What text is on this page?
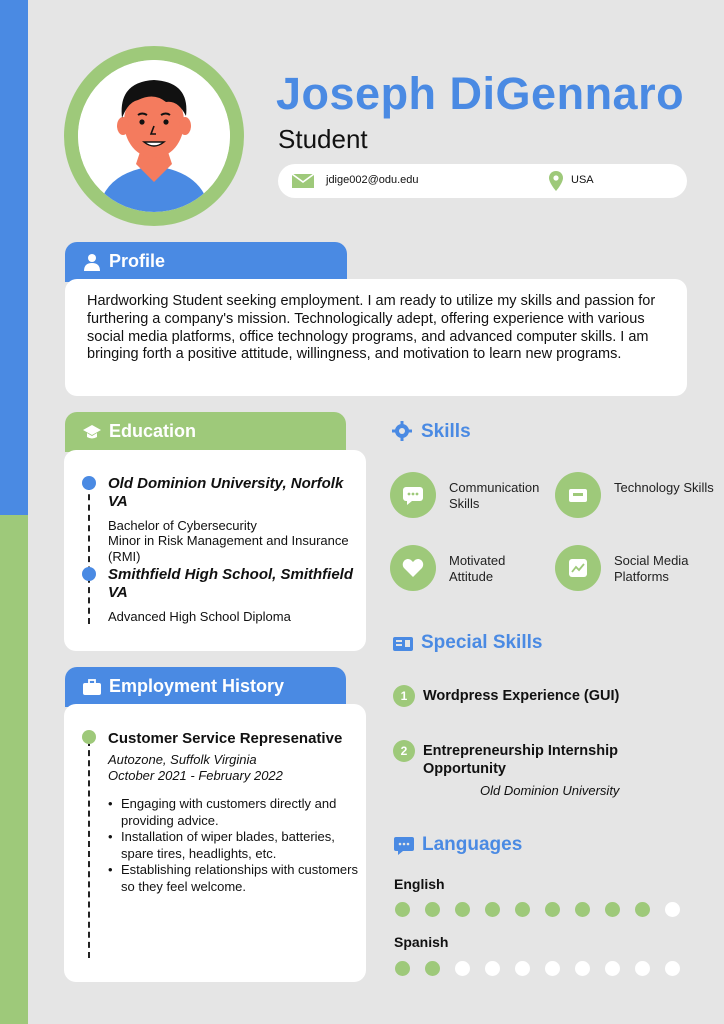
Joseph DiGennaro
Student
jdige002@odu.edu	USA
Profile
Hardworking Student seeking employment. I am ready to utilize my skills and passion for furthering a company's mission. Technologically adept, offering experience with various social media platforms, office technology programs, and advanced computer skills. I am bringing forth a positive attitude, willingness, and motivation to learn new programs.
Education
Old Dominion University, Norfolk VA
Bachelor of Cybersecurity
Minor in Risk Management and Insurance (RMI)
Smithfield High School, Smithfield VA
Advanced High School Diploma
Employment History
Customer Service Represenative
Autozone, Suffolk Virginia
October 2021 - February 2022
• Engaging with customers directly and providing advice.
• Installation of wiper blades, batteries, spare tires, headlights, etc.
• Establishing relationships with customers so they feel welcome.
Skills
Communication Skills
Technology Skills
Motivated Attitude
Social Media Platforms
Special Skills
1	Wordpress Experience (GUI)
2	Entrepreneurship Internship Opportunity
Old Dominion University
Languages
English
Spanish
